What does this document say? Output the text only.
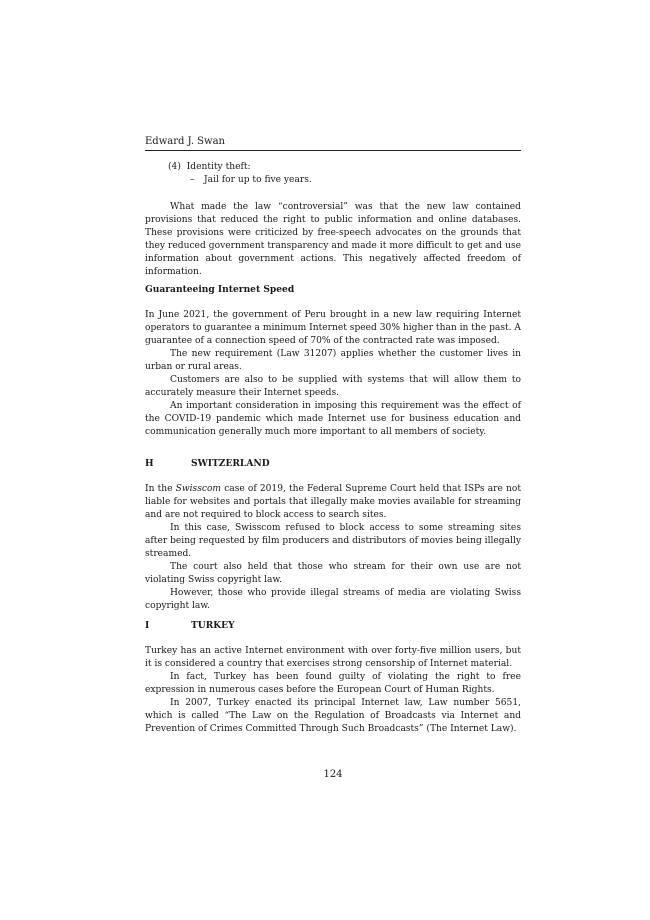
Edward J. Swan

(4) Identity theft:

– Jail for up to five years.

What made the law “controversial” was that the new law contained provisions that reduced the right to public information and online databases. These provisions were criticized by free-speech advocates on the grounds that they reduced government transparency and made it more difficult to get and use information about government actions. This negatively affected freedom of information.

Guaranteeing Internet Speed

In June 2021, the government of Peru brought in a new law requiring Internet operators to guarantee a minimum Internet speed 30% higher than in the past. A guarantee of a connection speed of 70% of the contracted rate was imposed.

The new requirement (Law 31207) applies whether the customer lives in urban or rural areas.

Customers are also to be supplied with systems that will allow them to accurately measure their Internet speeds.

An important consideration in imposing this requirement was the effect of the COVID-19 pandemic which made Internet use for business education and communication generally much more important to all members of society.

H	SWITZERLAND

In the Swisscom case of 2019, the Federal Supreme Court held that ISPs are not liable for websites and portals that illegally make movies available for streaming and are not required to block access to search sites.

In this case, Swisscom refused to block access to some streaming sites after being requested by film producers and distributors of movies being illegally streamed.

The court also held that those who stream for their own use are not violating Swiss copyright law.

However, those who provide illegal streams of media are violating Swiss copyright law.

I	TURKEY

Turkey has an active Internet environment with over forty-five million users, but it is considered a country that exercises strong censorship of Internet material.

In fact, Turkey has been found guilty of violating the right to free expression in numerous cases before the European Court of Human Rights.

In 2007, Turkey enacted its principal Internet law, Law number 5651, which is called “The Law on the Regulation of Broadcasts via Internet and Prevention of Crimes Committed Through Such Broadcasts” (The Internet Law).

124
